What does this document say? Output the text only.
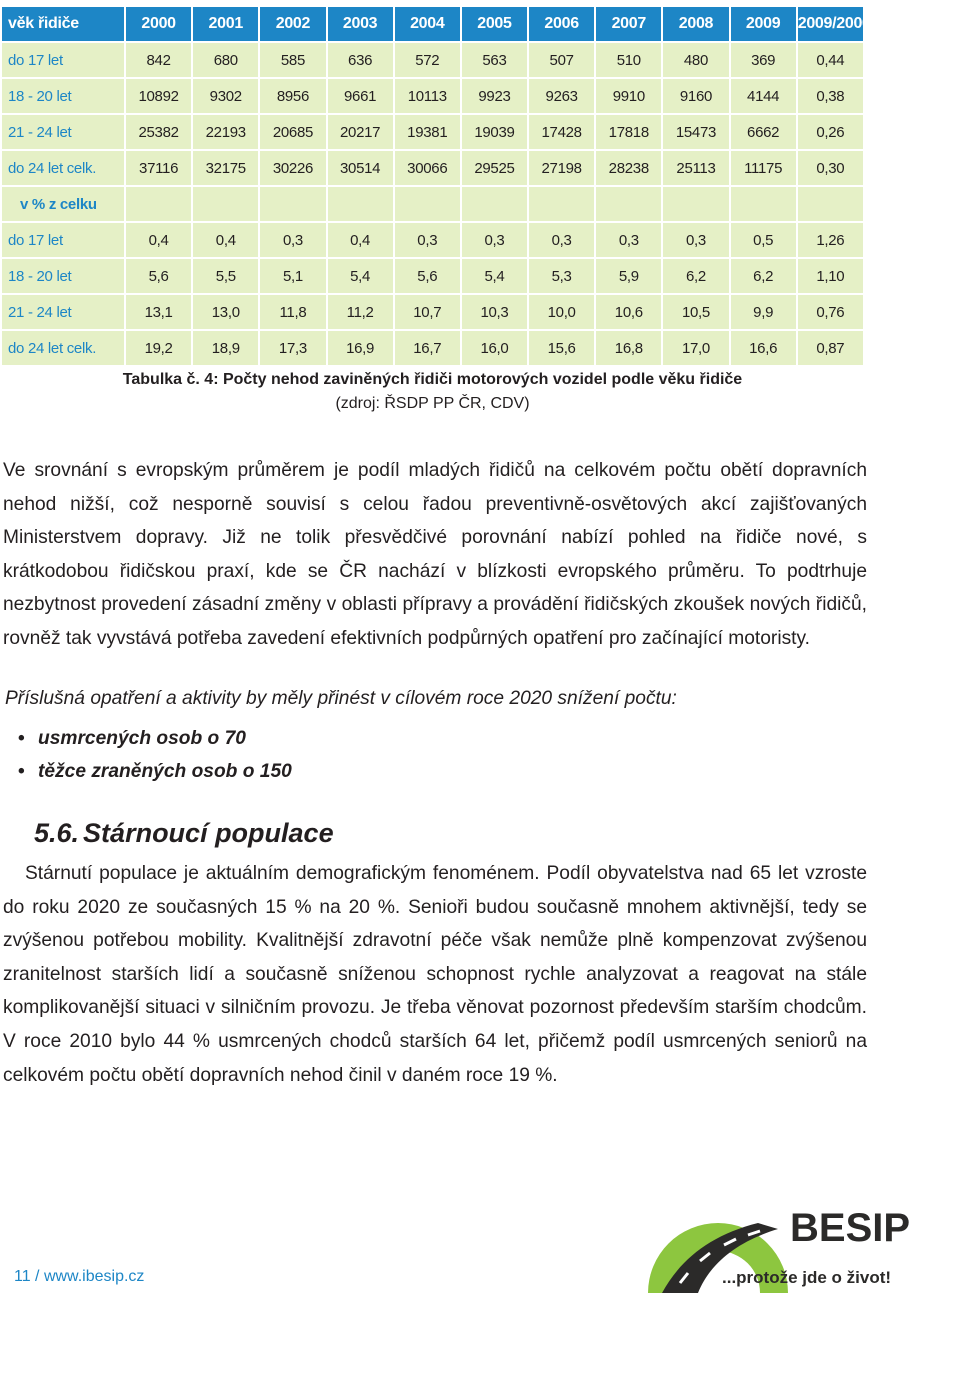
věk řidiče	2000	2001	2002	2003	2004	2005	2006	2007	2008	2009	2009/2000
do 17 let	842	680	585	636	572	563	507	510	480	369	0,44
18 - 20 let	10892	9302	8956	9661	10113	9923	9263	9910	9160	4144	0,38
21 - 24 let	25382	22193	20685	20217	19381	19039	17428	17818	15473	6662	0,26
do 24 let celk.	37116	32175	30226	30514	30066	29525	27198	28238	25113	11175	0,30
v % z celku											
do 17 let	0,4	0,4	0,3	0,4	0,3	0,3	0,3	0,3	0,3	0,5	1,26
18 - 20 let	5,6	5,5	5,1	5,4	5,6	5,4	5,3	5,9	6,2	6,2	1,10
21 - 24 let	13,1	13,0	11,8	11,2	10,7	10,3	10,0	10,6	10,5	9,9	0,76
do 24 let celk.	19,2	18,9	17,3	16,9	16,7	16,0	15,6	16,8	17,0	16,6	0,87
Tabulka č. 4: Počty nehod zaviněných řidiči motorových vozidel podle věku řidiče
(zdroj: ŘSDP PP ČR, CDV)
Ve srovnání s evropským průměrem je podíl mladých řidičů na celkovém počtu obětí dopravních nehod nižší, což nesporně souvisí s celou řadou preventivně-osvětových akcí zajišťovaných Ministerstvem dopravy. Již ne tolik přesvědčivé porovnání nabízí pohled na řidiče nové, s krátkodobou řidičskou praxí, kde se ČR nachází v blízkosti evropského průměru. To podtrhuje nezbytnost provedení zásadní změny v oblasti přípravy a provádění řidičských zkoušek nových řidičů, rovněž tak vyvstává potřeba zavedení efektivních podpůrných opatření pro začínající motoristy.
Příslušná opatření a aktivity by měly přinést v cílovém roce 2020 snížení počtu:
• usmrcených osob o 70
• těžce zraněných osob o 150
5.6. Stárnoucí populace
Stárnutí populace je aktuálním demografickým fenoménem. Podíl obyvatelstva nad 65 let vzroste do roku 2020 ze současných 15 % na 20 %. Senioři budou současně mnohem aktivnější, tedy se zvýšenou potřebou mobility. Kvalitnější zdravotní péče však nemůže plně kompenzovat zvýšenou zranitelnost starších lidí a současně sníženou schopnost rychle analyzovat a reagovat na stále komplikovanější situaci v silničním provozu. Je třeba věnovat pozornost především starším chodcům. V roce 2010 bylo 44 % usmrcených chodců starších 64 let, přičemž podíl usmrcených seniorů na celkovém počtu obětí dopravních nehod činil v daném roce 19 %.
11 / www.ibesip.cz
BESIP
...protože jde o život!
